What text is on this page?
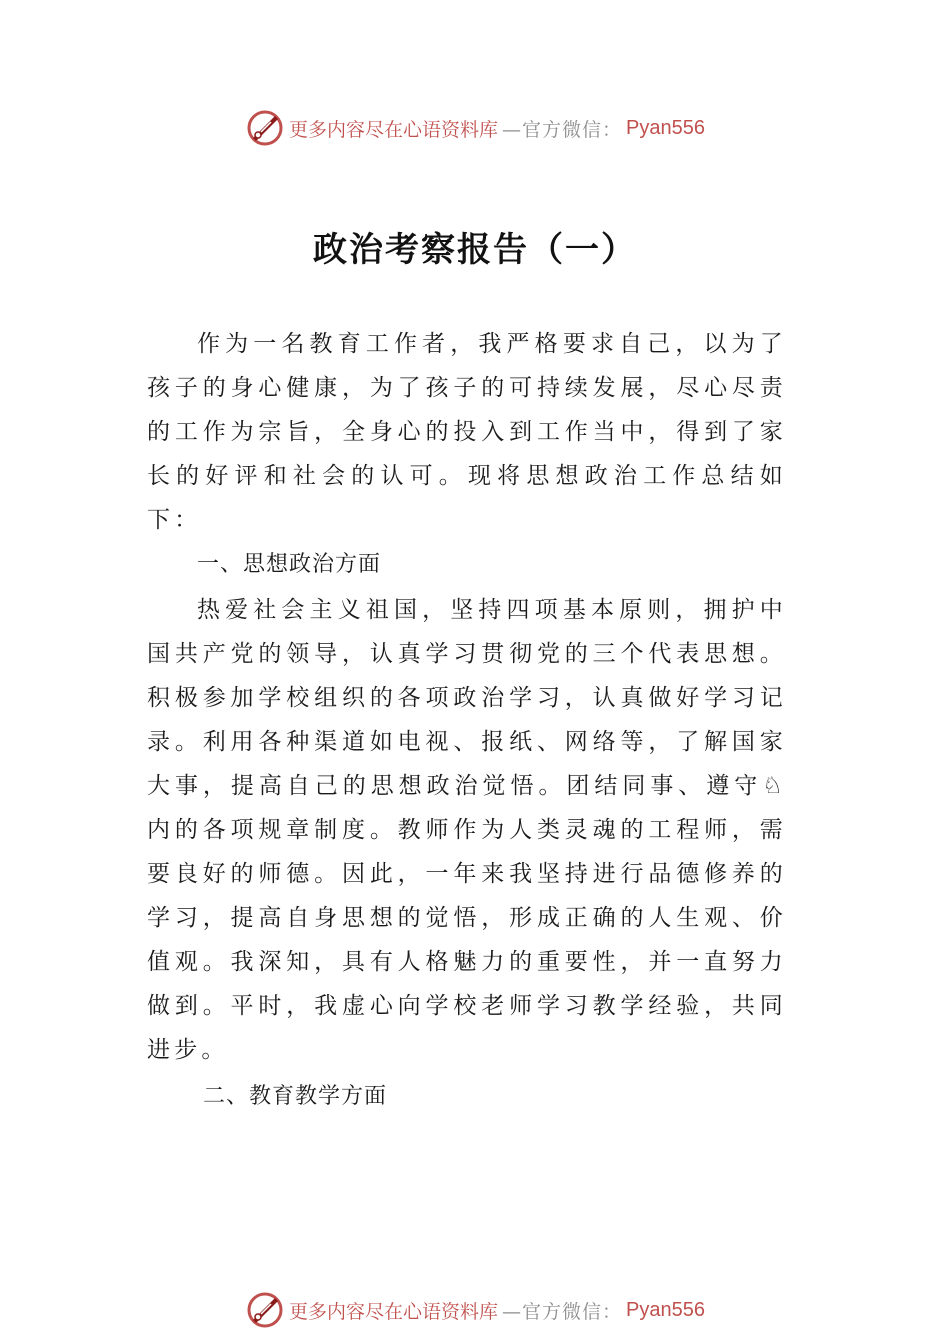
更多内容尽在心语资料库 —官方微信： Pyan556
政治考察报告（一）

作为一名教育工作者，我严格要求自己，以为了孩子的身心健康，为了孩子的可持续发展，尽心尽责的工作为宗旨，全身心的投入到工作当中，得到了家长的好评和社会的认可。现将思想政治工作总结如下：

一、思想政治方面

热爱社会主义祖国，坚持四项基本原则，拥护中国共产党的领导，认真学习贯彻党的三个代表思想。积极参加学校组织的各项政治学习，认真做好学习记录。利用各种渠道如电视、报纸、网络等，了解国家大事，提高自己的思想政治觉悟。团结同事、遵守♘内的各项规章制度。教师作为人类灵魂的工程师，需要良好的师德。因此，一年来我坚持进行品德修养的学习，提高自身思想的觉悟，形成正确的人生观、价值观。我深知，具有人格魅力的重要性，并一直努力做到。平时，我虚心向学校老师学习教学经验，共同进步。

二、教育教学方面
更多内容尽在心语资料库 —官方微信： Pyan556
